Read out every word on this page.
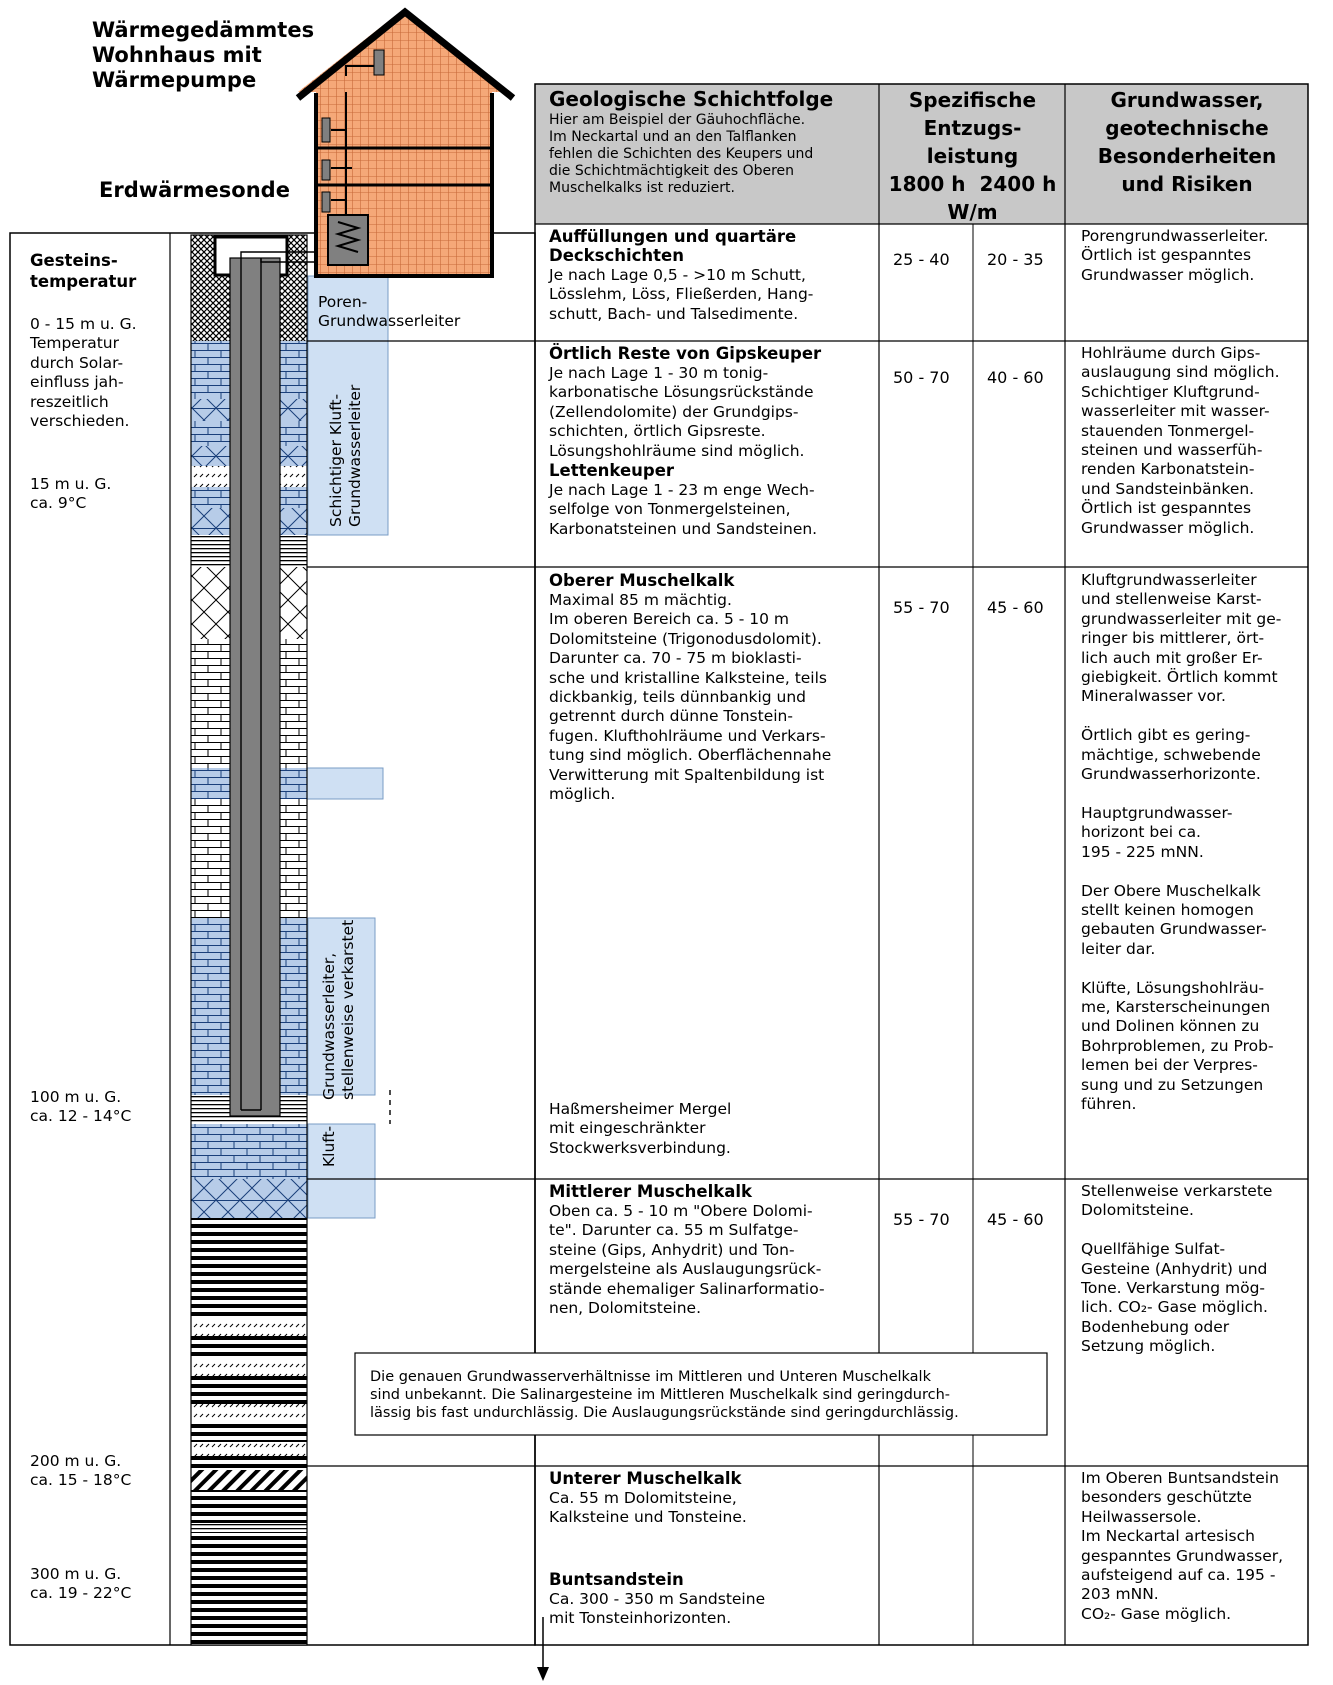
Wärmegedämmtes
Wohnhaus mit
Wärmepumpe
Erdwärmesonde
Gesteins-
temperatur
0 - 15 m u. G.
Temperatur
durch Solar-
einfluss jah-
reszeitlich
verschieden.
15 m u. G.
ca. 9°C
100 m u. G.
ca. 12 - 14°C
200 m u. G.
ca. 15 - 18°C
300 m u. G.
ca. 19 - 22°C
Poren-
Grundwasserleiter
Schichtiger Kluft-
Grundwasserleiter
Grundwasserleiter,
stellenweise verkarstet
Kluft-
Geologische Schichtfolge
Hier am Beispiel der Gäuhochfläche.
Im Neckartal und an den Talflanken
fehlen die Schichten des Keupers und
die Schichtmächtigkeit des Oberen
Muschelkalks ist reduziert.
Spezifische
Entzugs-
leistung
1800 h  2400 h
W/m
Grundwasser,
geotechnische
Besonderheiten
und Risiken
Auffüllungen und quartäre
Deckschichten
Je nach Lage 0,5 - >10 m Schutt,
Lösslehm, Löss, Fließerden, Hang-
schutt, Bach- und Talsedimente.
25 - 40 20 - 35
Porengrundwasserleiter.
Örtlich ist gespanntes
Grundwasser möglich.
Örtlich Reste von Gipskeuper
Je nach Lage 1 - 30 m tonig-
karbonatische Lösungsrückstände
(Zellendolomite) der Grundgips-
schichten, örtlich Gipsreste.
Lösungshohlräume sind möglich.
Lettenkeuper
Je nach Lage 1 - 23 m enge Wech-
selfolge von Tonmergelsteinen,
Karbonatsteinen und Sandsteinen.
50 - 70 40 - 60
Hohlräume durch Gips-
auslaugung sind möglich.
Schichtiger Kluftgrund-
wasserleiter mit wasser-
stauenden Tonmergel-
steinen und wasserfüh-
renden Karbonatstein-
und Sandsteinbänken.
Örtlich ist gespanntes
Grundwasser möglich.
Oberer Muschelkalk
Maximal 85 m mächtig.
Im oberen Bereich ca. 5 - 10 m
Dolomitsteine (Trigonodusdolomit).
Darunter ca. 70 - 75 m bioklasti-
sche und kristalline Kalksteine, teils
dickbankig, teils dünnbankig und
getrennt durch dünne Tonstein-
fugen. Klufthohlräume und Verkars-
tung sind möglich. Oberflächennahe
Verwitterung mit Spaltenbildung ist
möglich.
Haßmersheimer Mergel
mit eingeschränkter
Stockwerksverbindung.
55 - 70 45 - 60
Kluftgrundwasserleiter
und stellenweise Karst-
grundwasserleiter mit ge-
ringer bis mittlerer, ört-
lich auch mit großer Er-
giebigkeit. Örtlich kommt
Mineralwasser vor.

Örtlich gibt es gering-
mächtige, schwebende
Grundwasserhorizonte.

Hauptgrundwasser-
horizont bei ca.
195 - 225 mNN.

Der Obere Muschelkalk
stellt keinen homogen
gebauten Grundwasser-
leiter dar.

Klüfte, Lösungshohlräu-
me, Karsterscheinungen
und Dolinen können zu
Bohrproblemen, zu Prob-
lemen bei der Verpres-
sung und zu Setzungen
führen.
Mittlerer Muschelkalk
Oben ca. 5 - 10 m "Obere Dolomi-
te". Darunter ca. 55 m Sulfatge-
steine (Gips, Anhydrit) und Ton-
mergelsteine als Auslaugungsrück-
stände ehemaliger Salinarformatio-
nen, Dolomitsteine.
55 - 70 45 - 60
Stellenweise verkarstete
Dolomitsteine.

Quellfähige Sulfat-
Gesteine (Anhydrit) und
Tone. Verkarstung mög-
lich. CO₂- Gase möglich.
Bodenhebung oder
Setzung möglich.
Die genauen Grundwasserverhältnisse im Mittleren und Unteren Muschelkalk
sind unbekannt. Die Salinargesteine im Mittleren Muschelkalk sind geringdurch-
lässig bis fast undurchlässig. Die Auslaugungsrückstände sind geringdurchlässig.
Unterer Muschelkalk
Ca. 55 m Dolomitsteine,
Kalksteine und Tonsteine.
Buntsandstein
Ca. 300 - 350 m Sandsteine
mit Tonsteinhorizonten.
Im Oberen Buntsandstein
besonders geschützte
Heilwassersole.
Im Neckartal artesisch
gespanntes Grundwasser,
aufsteigend auf ca. 195 -
203 mNN.
CO₂- Gase möglich.
